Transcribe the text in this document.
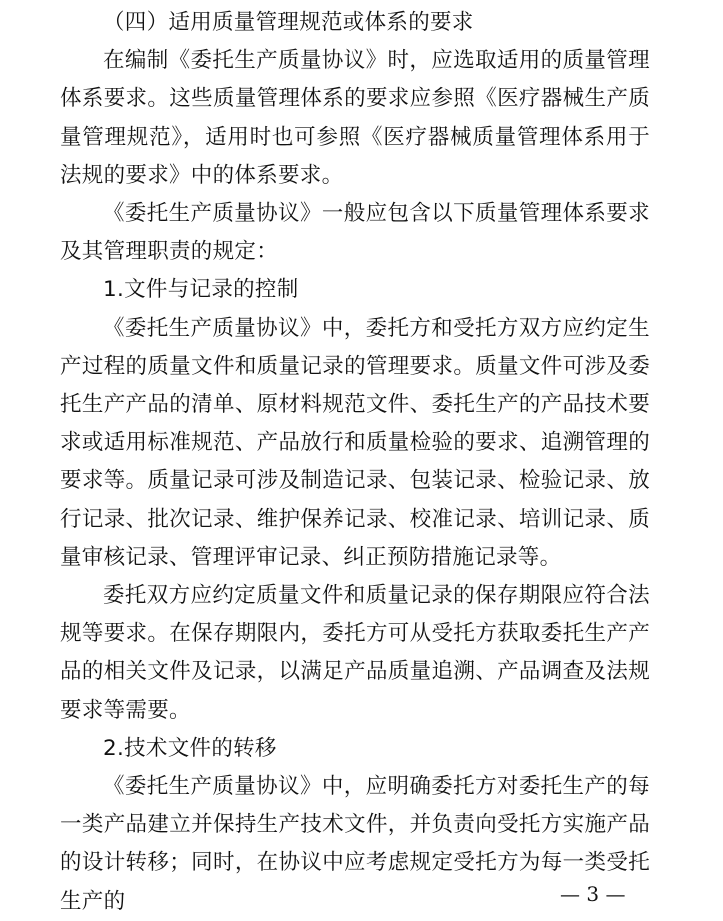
（四）适用质量管理规范或体系的要求

在编制《委托生产质量协议》时，应选取适用的质量管理体系要求。这些质量管理体系的要求应参照《医疗器械生产质量管理规范》，适用时也可参照《医疗器械质量管理体系用于法规的要求》中的体系要求。

《委托生产质量协议》一般应包含以下质量管理体系要求及其管理职责的规定：

1.文件与记录的控制

《委托生产质量协议》中，委托方和受托方双方应约定生产过程的质量文件和质量记录的管理要求。质量文件可涉及委托生产产品的清单、原材料规范文件、委托生产的产品技术要求或适用标准规范、产品放行和质量检验的要求、追溯管理的要求等。质量记录可涉及制造记录、包装记录、检验记录、放行记录、批次记录、维护保养记录、校准记录、培训记录、质量审核记录、管理评审记录、纠正预防措施记录等。

委托双方应约定质量文件和质量记录的保存期限应符合法规等要求。在保存期限内，委托方可从受托方获取委托生产产品的相关文件及记录，以满足产品质量追溯、产品调查及法规要求等需要。

2.技术文件的转移

《委托生产质量协议》中，应明确委托方对委托生产的每一类产品建立并保持生产技术文件，并负责向受托方实施产品的设计转移；同时，在协议中应考虑规定受托方为每一类受托生产的	— 3 —
